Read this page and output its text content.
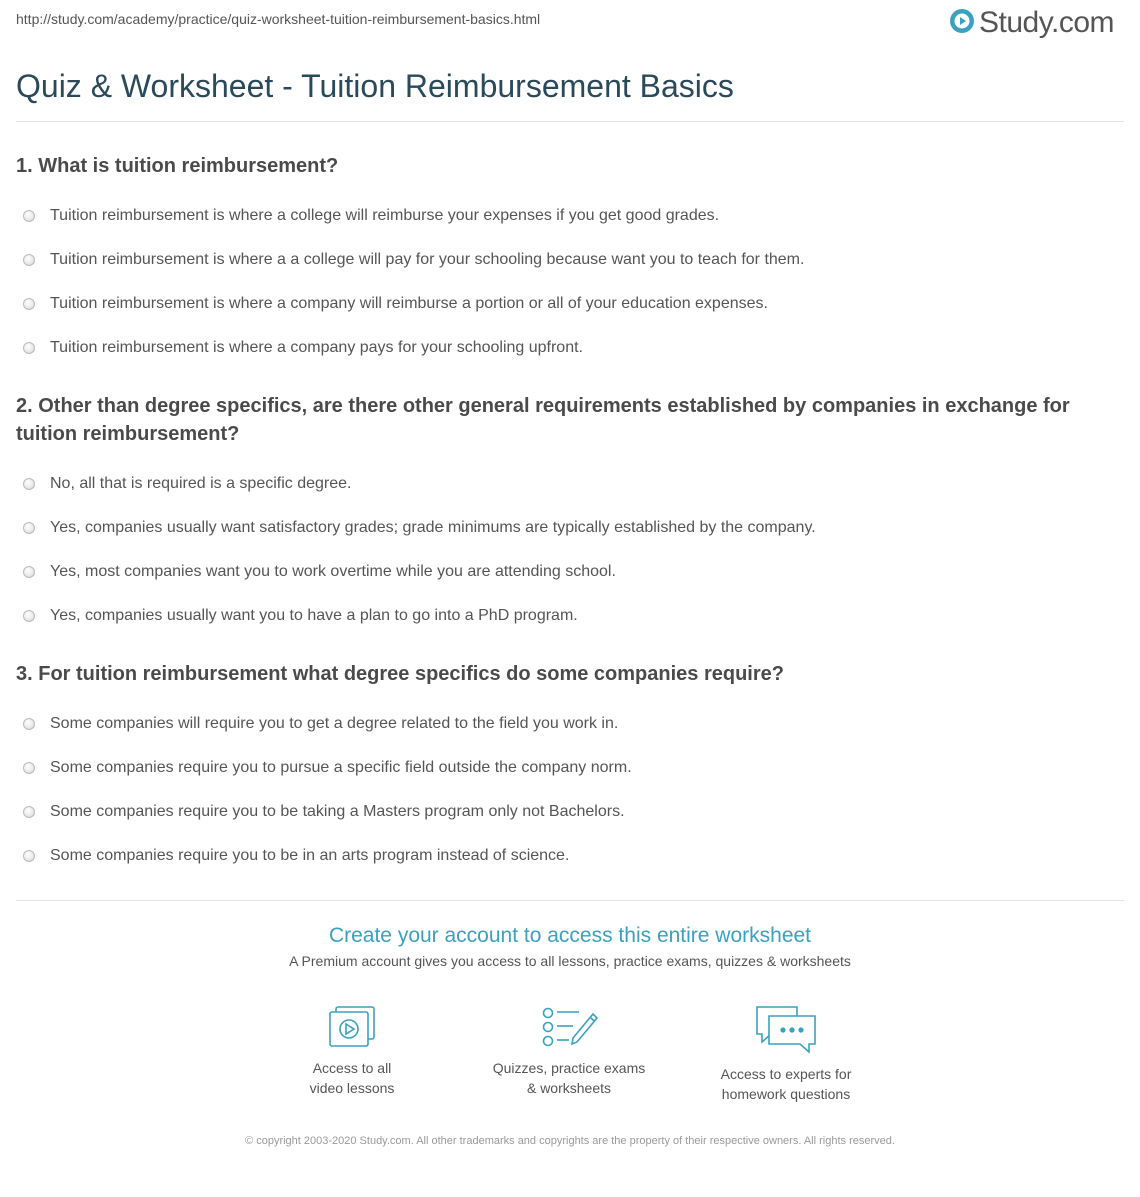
http://study.com/academy/practice/quiz-worksheet-tuition-reimbursement-basics.html	Study.com
Quiz & Worksheet - Tuition Reimbursement Basics
1. What is tuition reimbursement?
Tuition reimbursement is where a college will reimburse your expenses if you get good grades.
Tuition reimbursement is where a a college will pay for your schooling because want you to teach for them.
Tuition reimbursement is where a company will reimburse a portion or all of your education expenses.
Tuition reimbursement is where a company pays for your schooling upfront.
2. Other than degree specifics, are there other general requirements established by companies in exchange for tuition reimbursement?
No, all that is required is a specific degree.
Yes, companies usually want satisfactory grades; grade minimums are typically established by the company.
Yes, most companies want you to work overtime while you are attending school.
Yes, companies usually want you to have a plan to go into a PhD program.
3. For tuition reimbursement what degree specifics do some companies require?
Some companies will require you to get a degree related to the field you work in.
Some companies require you to pursue a specific field outside the company norm.
Some companies require you to be taking a Masters program only not Bachelors.
Some companies require you to be in an arts program instead of science.
Create your account to access this entire worksheet
A Premium account gives you access to all lessons, practice exams, quizzes & worksheets
Access to all
video lessons
Quizzes, practice exams
& worksheets
Access to experts for
homework questions
© copyright 2003-2020 Study.com. All other trademarks and copyrights are the property of their respective owners. All rights reserved.
